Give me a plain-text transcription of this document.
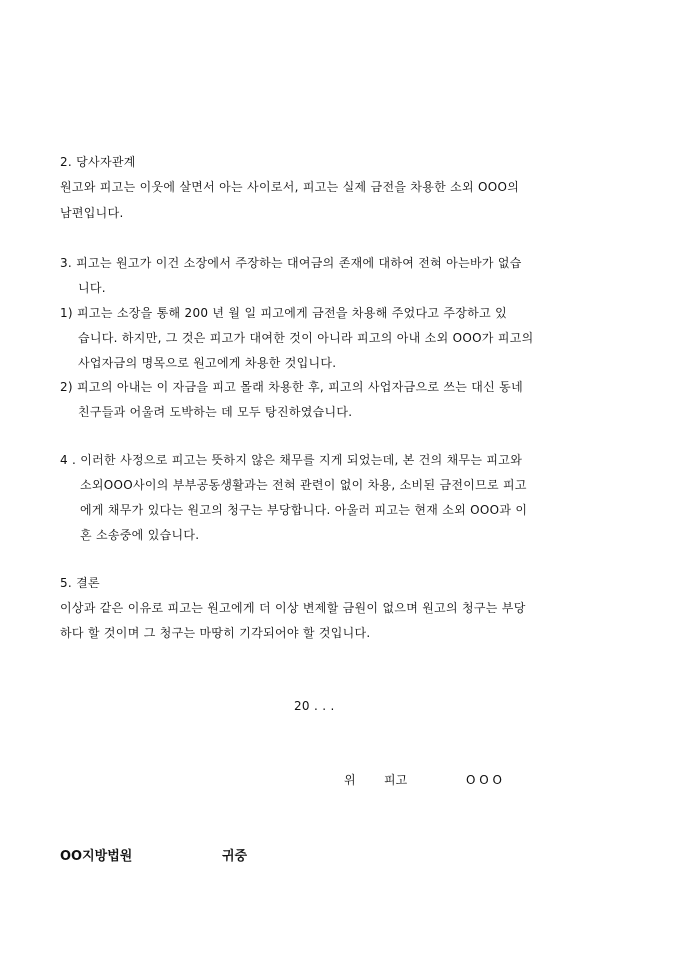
2. 당사자관계
원고와 피고는 이웃에 살면서 아는 사이로서, 피고는 실제 금전을 차용한 소외 OOO의
남편입니다.
3. 피고는 원고가 이건 소장에서 주장하는 대여금의 존재에 대하여 전혀 아는바가 없습
니다.
1) 피고는 소장을 통해 200 년 월 일 피고에게 금전을 차용해 주었다고 주장하고 있
습니다. 하지만, 그 것은 피고가 대여한 것이 아니라 피고의 아내 소외 OOO가 피고의
사업자금의 명목으로 원고에게 차용한 것입니다.
2) 피고의 아내는 이 자금을 피고 몰래 차용한 후, 피고의 사업자금으로 쓰는 대신 동네
친구들과 어울려 도박하는 데 모두 탕진하였습니다.
4 . 이러한 사정으로 피고는 뜻하지 않은 채무를 지게 되었는데, 본 건의 채무는 피고와
소외OOO사이의 부부공동생활과는 전혀 관련이 없이 차용, 소비된 금전이므로 피고
에게 채무가 있다는 원고의 청구는 부당합니다. 아울러 피고는 현재 소외 OOO과 이
혼 소송중에 있습니다.
5. 결론
이상과 같은 이유로 피고는 원고에게 더 이상 변제할 금원이 없으며 원고의 청구는 부당
하다 할 것이며 그 청구는 마땅히 기각되어야 할 것입니다.
20 . . .
위 피고	O O O
OO지방법원	귀중
